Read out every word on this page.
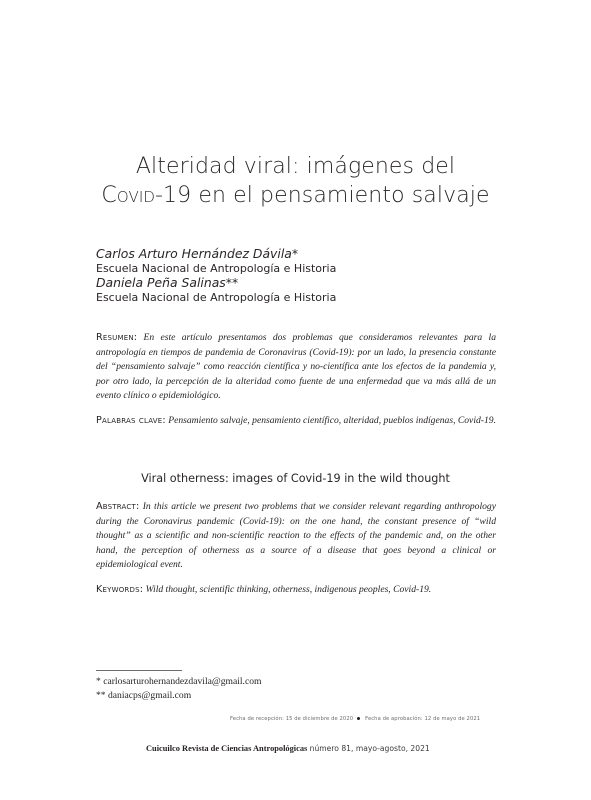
Alteridad viral: imágenes del
Covid-19 en el pensamiento salvaje
Carlos Arturo Hernández Dávila*
Escuela Nacional de Antropología e Historia
Daniela Peña Salinas**
Escuela Nacional de Antropología e Historia
Resumen: En este artículo presentamos dos problemas que consideramos relevantes para la antropología en tiempos de pandemia de Coronavirus (Covid-19): por un lado, la presencia constante del “pensamiento salvaje” como reacción científica y no-científica ante los efectos de la pandemia y, por otro lado, la percepción de la alteridad como fuente de una enfermedad que va más allá de un evento clínico o epidemiológico.
Palabras clave: Pensamiento salvaje, pensamiento científico, alteridad, pueblos indígenas, Covid-19.
Viral otherness: images of Covid-19 in the wild thought
Abstract: In this article we present two problems that we consider relevant regarding anthropology during the Coronavirus pandemic (Covid-19): on the one hand, the constant presence of “wild thought” as a scientific and non-scientific reaction to the effects of the pandemic and, on the other hand, the perception of otherness as a source of a disease that goes beyond a clinical or epidemiological event.
Keywords: Wild thought, scientific thinking, otherness, indigenous peoples, Covid-19.
* carlosarturohernandezdavila@gmail.com
** daniacps@gmail.com
Fecha de recepción: 15 de diciembre de 2020 Fecha de aprobación: 12 de mayo de 2021
Cuicuilco Revista de Ciencias Antropológicas número 81, mayo-agosto, 2021
